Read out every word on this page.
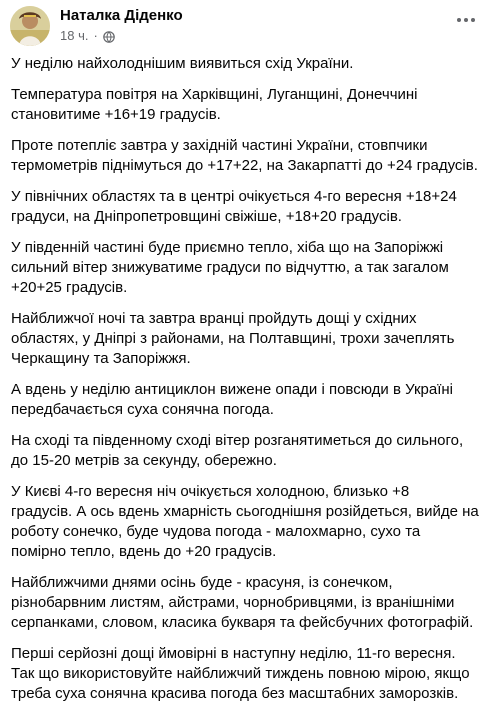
Наталка Діденко
18 ч. ·
У неділю найхолоднішим виявиться схід України.
Температура повітря на Харківщині, Луганщині, Донеччині
становитиме +16+19 градусів.
Проте потепліє завтра у західній частині України, стовпчики
термометрів піднімуться до +17+22, на Закарпатті до +24 градусів.
У північних областях та в центрі очікується 4-го вересня +18+24
градуси, на Дніпропетровщині свіжіше, +18+20 градусів.
У південній частині буде приємно тепло, хіба що на Запоріжжі
сильний вітер знижуватиме градуси по відчуттю, а так загалом
+20+25 градусів.
Найближчої ночі та завтра вранці пройдуть дощі у східних
областях, у Дніпрі з районами, на Полтавщині, трохи зачеплять
Черкащину та Запоріжжя.
А вдень у неділю антициклон вижене опади і повсюди в Україні
передбачається суха сонячна погода.
На сході та південному сході вітер розганятиметься до сильного,
до 15-20 метрів за секунду, обережно.
У Києві 4-го вересня ніч очікується холодною, близько +8
градусів. А ось вдень хмарність сьогоднішня розійдеться, вийде на
роботу сонечко, буде чудова погода - малохмарно, сухо та
помірно тепло, вдень до +20 градусів.
Найближчими днями осінь буде - красуня, із сонечком,
різнобарвним листям, айстрами, чорнобривцями, із вранішніми
серпанками, словом, класика букваря та фейсбучних фотографій.
Перші серйозні дощі ймовірні в наступну неділю, 11-го вересня.
Так що використовуйте найближчий тиждень повною мірою, якщо
треба суха сонячна красива погода без масштабних заморозків.
